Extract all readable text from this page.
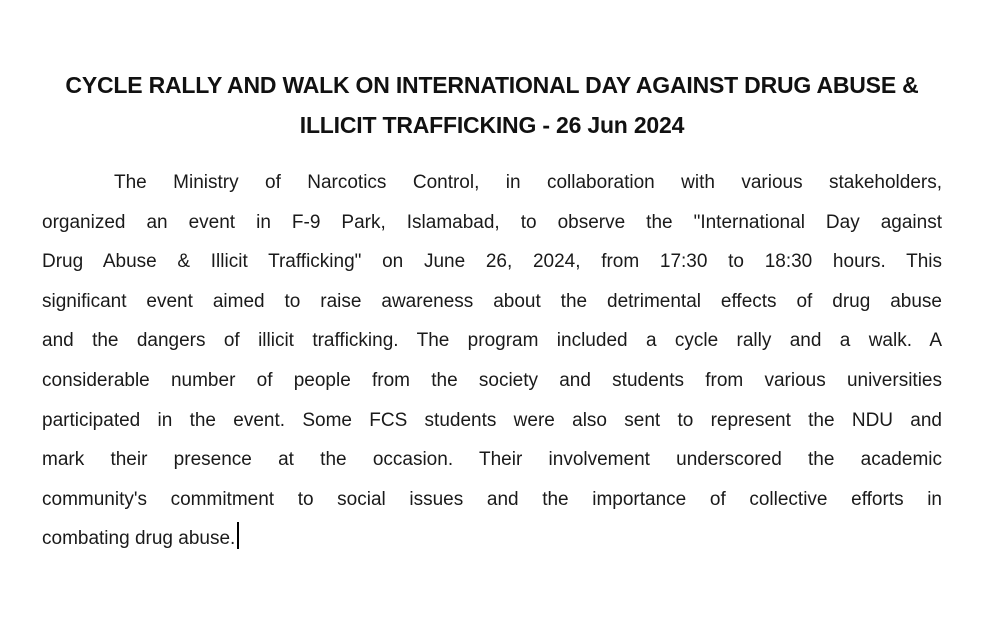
CYCLE RALLY AND WALK ON INTERNATIONAL DAY AGAINST DRUG ABUSE &
ILLICIT TRAFFICKING - 26 Jun 2024
The Ministry of Narcotics Control, in collaboration with various stakeholders,
organized an event in F-9 Park, Islamabad, to observe the "International Day against
Drug Abuse & Illicit Trafficking" on June 26, 2024, from 17:30 to 18:30 hours. This
significant event aimed to raise awareness about the detrimental effects of drug abuse
and the dangers of illicit trafficking. The program included a cycle rally and a walk. A
considerable number of people from the society and students from various universities
participated in the event. Some FCS students were also sent to represent the NDU and
mark their presence at the occasion. Their involvement underscored the academic
community's commitment to social issues and the importance of collective efforts in
combating drug abuse.
